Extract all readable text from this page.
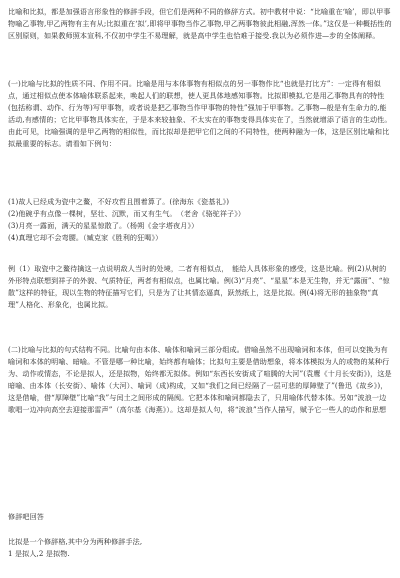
比喻和比拟，都是加强语言形象性的修辞手段，但它们是两种不同的修辞方式。初中教材中说：“比喻重在‘喻’，即以甲事物喻乙事物,甲乙两物有主有从;比拟重在‘拟’,即将甲事物当作乙事物,甲乙两事物彼此相融,浑然一体。”这仅是一种概括性的区别原则，如果教师照本宣科,不仅初中学生不易理解，就是高中学生也恰难于接受.我以为必须作进—步的全体阐释。

(一)比喻与比拟的性质不同、作用不同。比喻是用与本体事物有相似点的另一事物作比“也就是打比方”：一定得有相似点，通过相似点使本体喻体联系起来，唤起人们的联想，使人更具体地感知事物。比拟即模拟,它是用乙事物具有的特性(包括称谓、动作、行为等)写甲事物，或者说是把乙事物当作甲事物的特性”强加于甲事物。乙事物—般是有生命力的,能活动,有感情的；它比甲事物具体实在，于是本来较抽象、不太实在的事物变得具体实在了，当然就增添了语言的生动性。由此可见，比喻强调的是甲乙两物的相似性，而比拟却是把甲它们之间的不同特性，使两种融为一体，这是区别比喻和比拟最重要的标志。请看如下例句：

(1)故人已经成为瓷中之鳌，不好攻哲且围着算了。(徐海东《瓷基礼》)
(2)他碗乎有点像一棵树，坚壮、沉默，而又有生气。　（老舍《骆驼祥子》）
(3)月亮一露面，满天的星星惊散了。（杨朔《金字塔夜月》）
(4)真理它却不会弯腰。（臧克家《胜利的狂喝》）

例（1）取瓷中之鳌待擒这一点说明敌人当时的处境，二者有相似点，　能给人具体形象的感受，这是比喻。例(2)从树的外形特点联想到祥子的外貌、气质特征，两者有相似点，也属比喻。例(3)“月亮”、“星星”本是无生物，并无“露面”、“惊散”这样的特征，现以生物的特征描写它们，只是为了让其情态逼真，跃然纸上，这是比拟。例(4)将无形的抽象物“真理”人格化、形象化，也属比拟。

(二)比喻与比拟的句式结构不同。比喻句由本体、喻体和喻词三部分组成。借喻虽然不出现喻词和本体，但可以变换为有喻词和本体的明喻、暗喻。不管是哪一种比喻，始终都有喻体；比拟句主要是借助想象，将本体模拟为人的或物的某种行为、动作或情态，不论是拟人，还是拟物，始终都无拟体。例如“东西长安街成了喧腾的大河”(袁鹰《十月长安街》)，这是暗喻、由本体（长安街）、喻体（大河）、喻词（成)构成，又如“我们之间已经隔了一层可悲的厚障壁了”(鲁迅《故乡》)，这是借喻，借“厚障壁”比喻“我”与闰土之间形成的隔阂。它把本体和喻词都隐去了，只用喻体代替本体。另如“波浪一边歌唱一边冲向高空去迎接那雷声”（高尔基《海燕》）。这却是拟人句，将“波浪”当作人描写，赋予它一些人的动作和思想

修辞吧回答

比拟是一个修辞格,其中分为两种修辞手法,
1 是拟人,2 是拟物.
